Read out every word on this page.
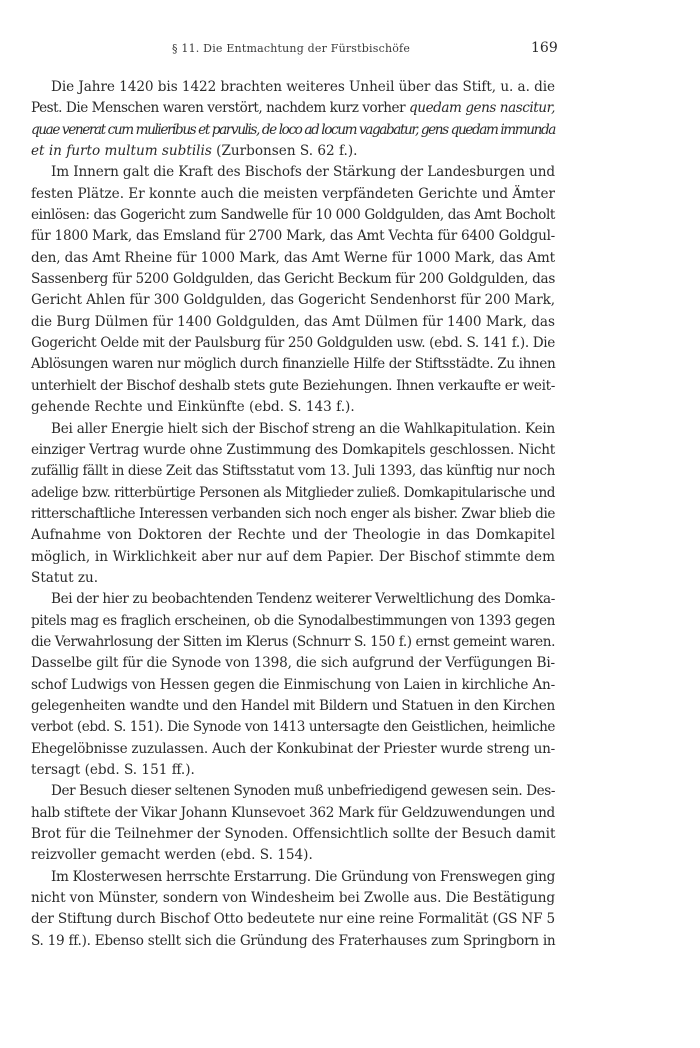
§ 11. Die Entmachtung der Fürstbischöfe	169
Die Jahre 1420 bis 1422 brachten weiteres Unheil über das Stift, u. a. die
Pest. Die Menschen waren verstört, nachdem kurz vorher quedam gens nascitur,
quae venerat cum mulieribus et parvulis, de loco ad locum vagabatur, gens quedam immunda
et in furto multum subtilis (Zurbonsen S. 62 f.).
Im Innern galt die Kraft des Bischofs der Stärkung der Landesburgen und
festen Plätze. Er konnte auch die meisten verpfändeten Gerichte und Ämter
einlösen: das Gogericht zum Sandwelle für 10 000 Goldgulden, das Amt Bocholt
für 1800 Mark, das Emsland für 2700 Mark, das Amt Vechta für 6400 Goldgul-
den, das Amt Rheine für 1000 Mark, das Amt Werne für 1000 Mark, das Amt
Sassenberg für 5200 Goldgulden, das Gericht Beckum für 200 Goldgulden, das
Gericht Ahlen für 300 Goldgulden, das Gogericht Sendenhorst für 200 Mark,
die Burg Dülmen für 1400 Goldgulden, das Amt Dülmen für 1400 Mark, das
Gogericht Oelde mit der Paulsburg für 250 Goldgulden usw. (ebd. S. 141 f.). Die
Ablösungen waren nur möglich durch finanzielle Hilfe der Stiftsstädte. Zu ihnen
unterhielt der Bischof deshalb stets gute Beziehungen. Ihnen verkaufte er weit-
gehende Rechte und Einkünfte (ebd. S. 143 f.).
Bei aller Energie hielt sich der Bischof streng an die Wahlkapitulation. Kein
einziger Vertrag wurde ohne Zustimmung des Domkapitels geschlossen. Nicht
zufällig fällt in diese Zeit das Stiftsstatut vom 13. Juli 1393, das künftig nur noch
adelige bzw. ritterbürtige Personen als Mitglieder zuließ. Domkapitularische und
ritterschaftliche Interessen verbanden sich noch enger als bisher. Zwar blieb die
Aufnahme von Doktoren der Rechte und der Theologie in das Domkapitel
möglich, in Wirklichkeit aber nur auf dem Papier. Der Bischof stimmte dem
Statut zu.
Bei der hier zu beobachtenden Tendenz weiterer Verweltlichung des Domka-
pitels mag es fraglich erscheinen, ob die Synodalbestimmungen von 1393 gegen
die Verwahrlosung der Sitten im Klerus (Schnurr S. 150 f.) ernst gemeint waren.
Dasselbe gilt für die Synode von 1398, die sich aufgrund der Verfügungen Bi-
schof Ludwigs von Hessen gegen die Einmischung von Laien in kirchliche An-
gelegenheiten wandte und den Handel mit Bildern und Statuen in den Kirchen
verbot (ebd. S. 151). Die Synode von 1413 untersagte den Geistlichen, heimliche
Ehegelöbnisse zuzulassen. Auch der Konkubinat der Priester wurde streng un-
tersagt (ebd. S. 151 ff.).
Der Besuch dieser seltenen Synoden muß unbefriedigend gewesen sein. Des-
halb stiftete der Vikar Johann Klunsevoet 362 Mark für Geldzuwendungen und
Brot für die Teilnehmer der Synoden. Offensichtlich sollte der Besuch damit
reizvoller gemacht werden (ebd. S. 154).
Im Klosterwesen herrschte Erstarrung. Die Gründung von Frenswegen ging
nicht von Münster, sondern von Windesheim bei Zwolle aus. Die Bestätigung
der Stiftung durch Bischof Otto bedeutete nur eine reine Formalität (GS NF 5
S. 19 ff.). Ebenso stellt sich die Gründung des Fraterhauses zum Springborn in
